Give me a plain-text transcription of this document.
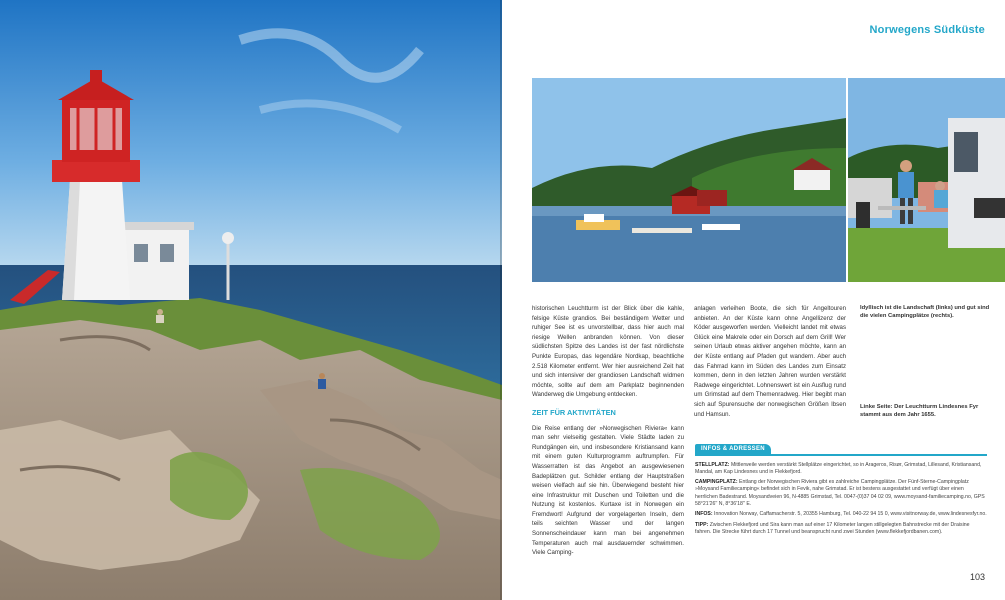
Norwegens Südküste

historischen Leuchtturm ist der Blick über die kahle, felsige Küste grandios. Bei beständigem Wetter und ruhiger See ist es unvorstellbar, dass hier auch mal riesige Wellen anbranden können. Von dieser südlichsten Spitze des Landes ist der fast nördlichste Punkte Europas, das legendäre Nordkap, beachtliche 2.518 Kilometer entfernt. Wer hier ausreichend Zeit hat und sich intensiver der grandiosen Landschaft widmen möchte, sollte auf dem am Parkplatz beginnenden Wanderweg die Umgebung entdecken.

ZEIT FÜR AKTIVITÄTEN

Die Reise entlang der »Norwegischen Riviera« kann man sehr vielseitig gestalten. Viele Städte laden zu Rundgängen ein, und insbesondere Kristiansand kann mit einem guten Kulturprogramm auftrumpfen. Für Wasserratten ist das Angebot an ausgewiesenen Badeplätzen gut. Schilder entlang der Hauptstraßen weisen vielfach auf sie hin. Überwiegend besteht hier eine Infrastruktur mit Duschen und Toiletten und die Nutzung ist kostenlos. Kurtaxe ist in Norwegen ein Fremdwort! Aufgrund der vorgelagerten Inseln, dem teils seichten Wasser und der langen Sonnenscheindauer kann man bei angenehmen Temperaturen auch mal ausdauernder schwimmen. Viele Camping-

anlagen verleihen Boote, die sich für Angeltouren anbieten. An der Küste kann ohne Angellizenz der Köder ausgeworfen werden. Vielleicht landet mit etwas Glück eine Makrele oder ein Dorsch auf dem Grill! Wer seinen Urlaub etwas aktiver angehen möchte, kann an der Küste entlang auf Pfaden gut wandern. Aber auch das Fahrrad kann im Süden des Landes zum Einsatz kommen, denn in den letzten Jahren wurden verstärkt Radwege eingerichtet. Lohnenswert ist ein Ausflug rund um Grimstad auf dem Themenradweg. Hier begibt man sich auf Spurensuche der norwegischen Größen Ibsen und Hamsun.

Idyllisch ist die Landschaft (links) und gut sind die vielen Campingplätze (rechts).
Linke Seite: Der Leuchtturm Lindesnes Fyr stammt aus dem Jahr 1655.
INFOS & ADRESSEN
STELLPLATZ: Mittlerweile werden verstärkt Stellplätze eingerichtet, so in Arageros, Risør, Grimstad, Lillesand, Kristiansand, Mandal, am Kap Lindesnes und in Flekkefjord.
CAMPINGPLATZ: Entlang der Norwegischen Riviera gibt es zahlreiche Campingplätze. Der Fünf-Sterne-Campingplatz »Moysand Familiecamping« befindet sich in Fevik, nahe Grimstad. Er ist bestens ausgestattet und verfügt über einen herrlichen Badestrand. Moysandveien 96, N-4885 Grimstad, Tel. 0047-(0)37 04 02 09, www.moysand-familiecamping.no, GPS 58°21'26'' N, 8°36'18'' E.
INFOS: Innovation Norway, Caffamacherstr. 5, 20355 Hamburg, Tel. 040-22 94 15 0, www.visitnorway.de, www.lindesnesfyr.no.
TIPP: Zwischen Flekkefjord und Sira kann man auf einer 17 Kilometer langen stillgelegten Bahnstrecke mit der Draisine fahren. Die Strecke führt durch 17 Tunnel und beansprucht rund zwei Stunden (www.flekkefjordbanen.com).
103
